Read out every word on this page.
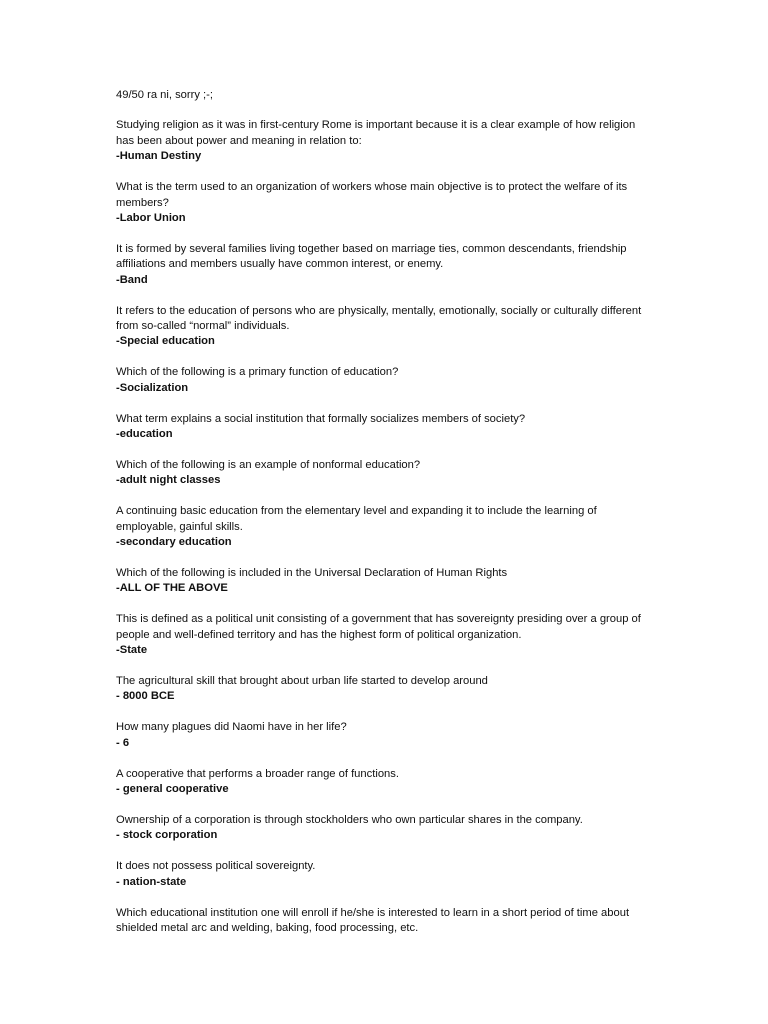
49/50 ra ni, sorry ;-;
Studying religion as it was in first-century Rome is important because it is a clear example of how religion has been about power and meaning in relation to:
-Human Destiny
What is the term used to an organization of workers whose main objective is to protect the welfare of its members?
-Labor Union
It is formed by several families living together based on marriage ties, common descendants, friendship affiliations and members usually have common interest, or enemy.
-Band
It refers to the education of persons who are physically, mentally, emotionally, socially or culturally different from so-called “normal” individuals.
-Special education
Which of the following is a primary function of education?
-Socialization
What term explains a social institution that formally socializes members of society?
-education
Which of the following is an example of nonformal education?
-adult night classes
A continuing basic education from the elementary level and expanding it to include the learning of employable, gainful skills.
-secondary education
Which of the following is included in the Universal Declaration of Human Rights
-ALL OF THE ABOVE
This is defined as a political unit consisting of a government that has sovereignty presiding over a group of people and well-defined territory and has the highest form of political organization.
-State
The agricultural skill that brought about urban life started to develop around
- 8000 BCE
How many plagues did Naomi have in her life?
- 6
A cooperative that performs a broader range of functions.
- general cooperative
Ownership of a corporation is through stockholders who own particular shares in the company.
- stock corporation
It does not possess political sovereignty.
- nation-state
Which educational institution one will enroll if he/she is interested to learn in a short period of time about shielded metal arc and welding, baking, food processing, etc.
